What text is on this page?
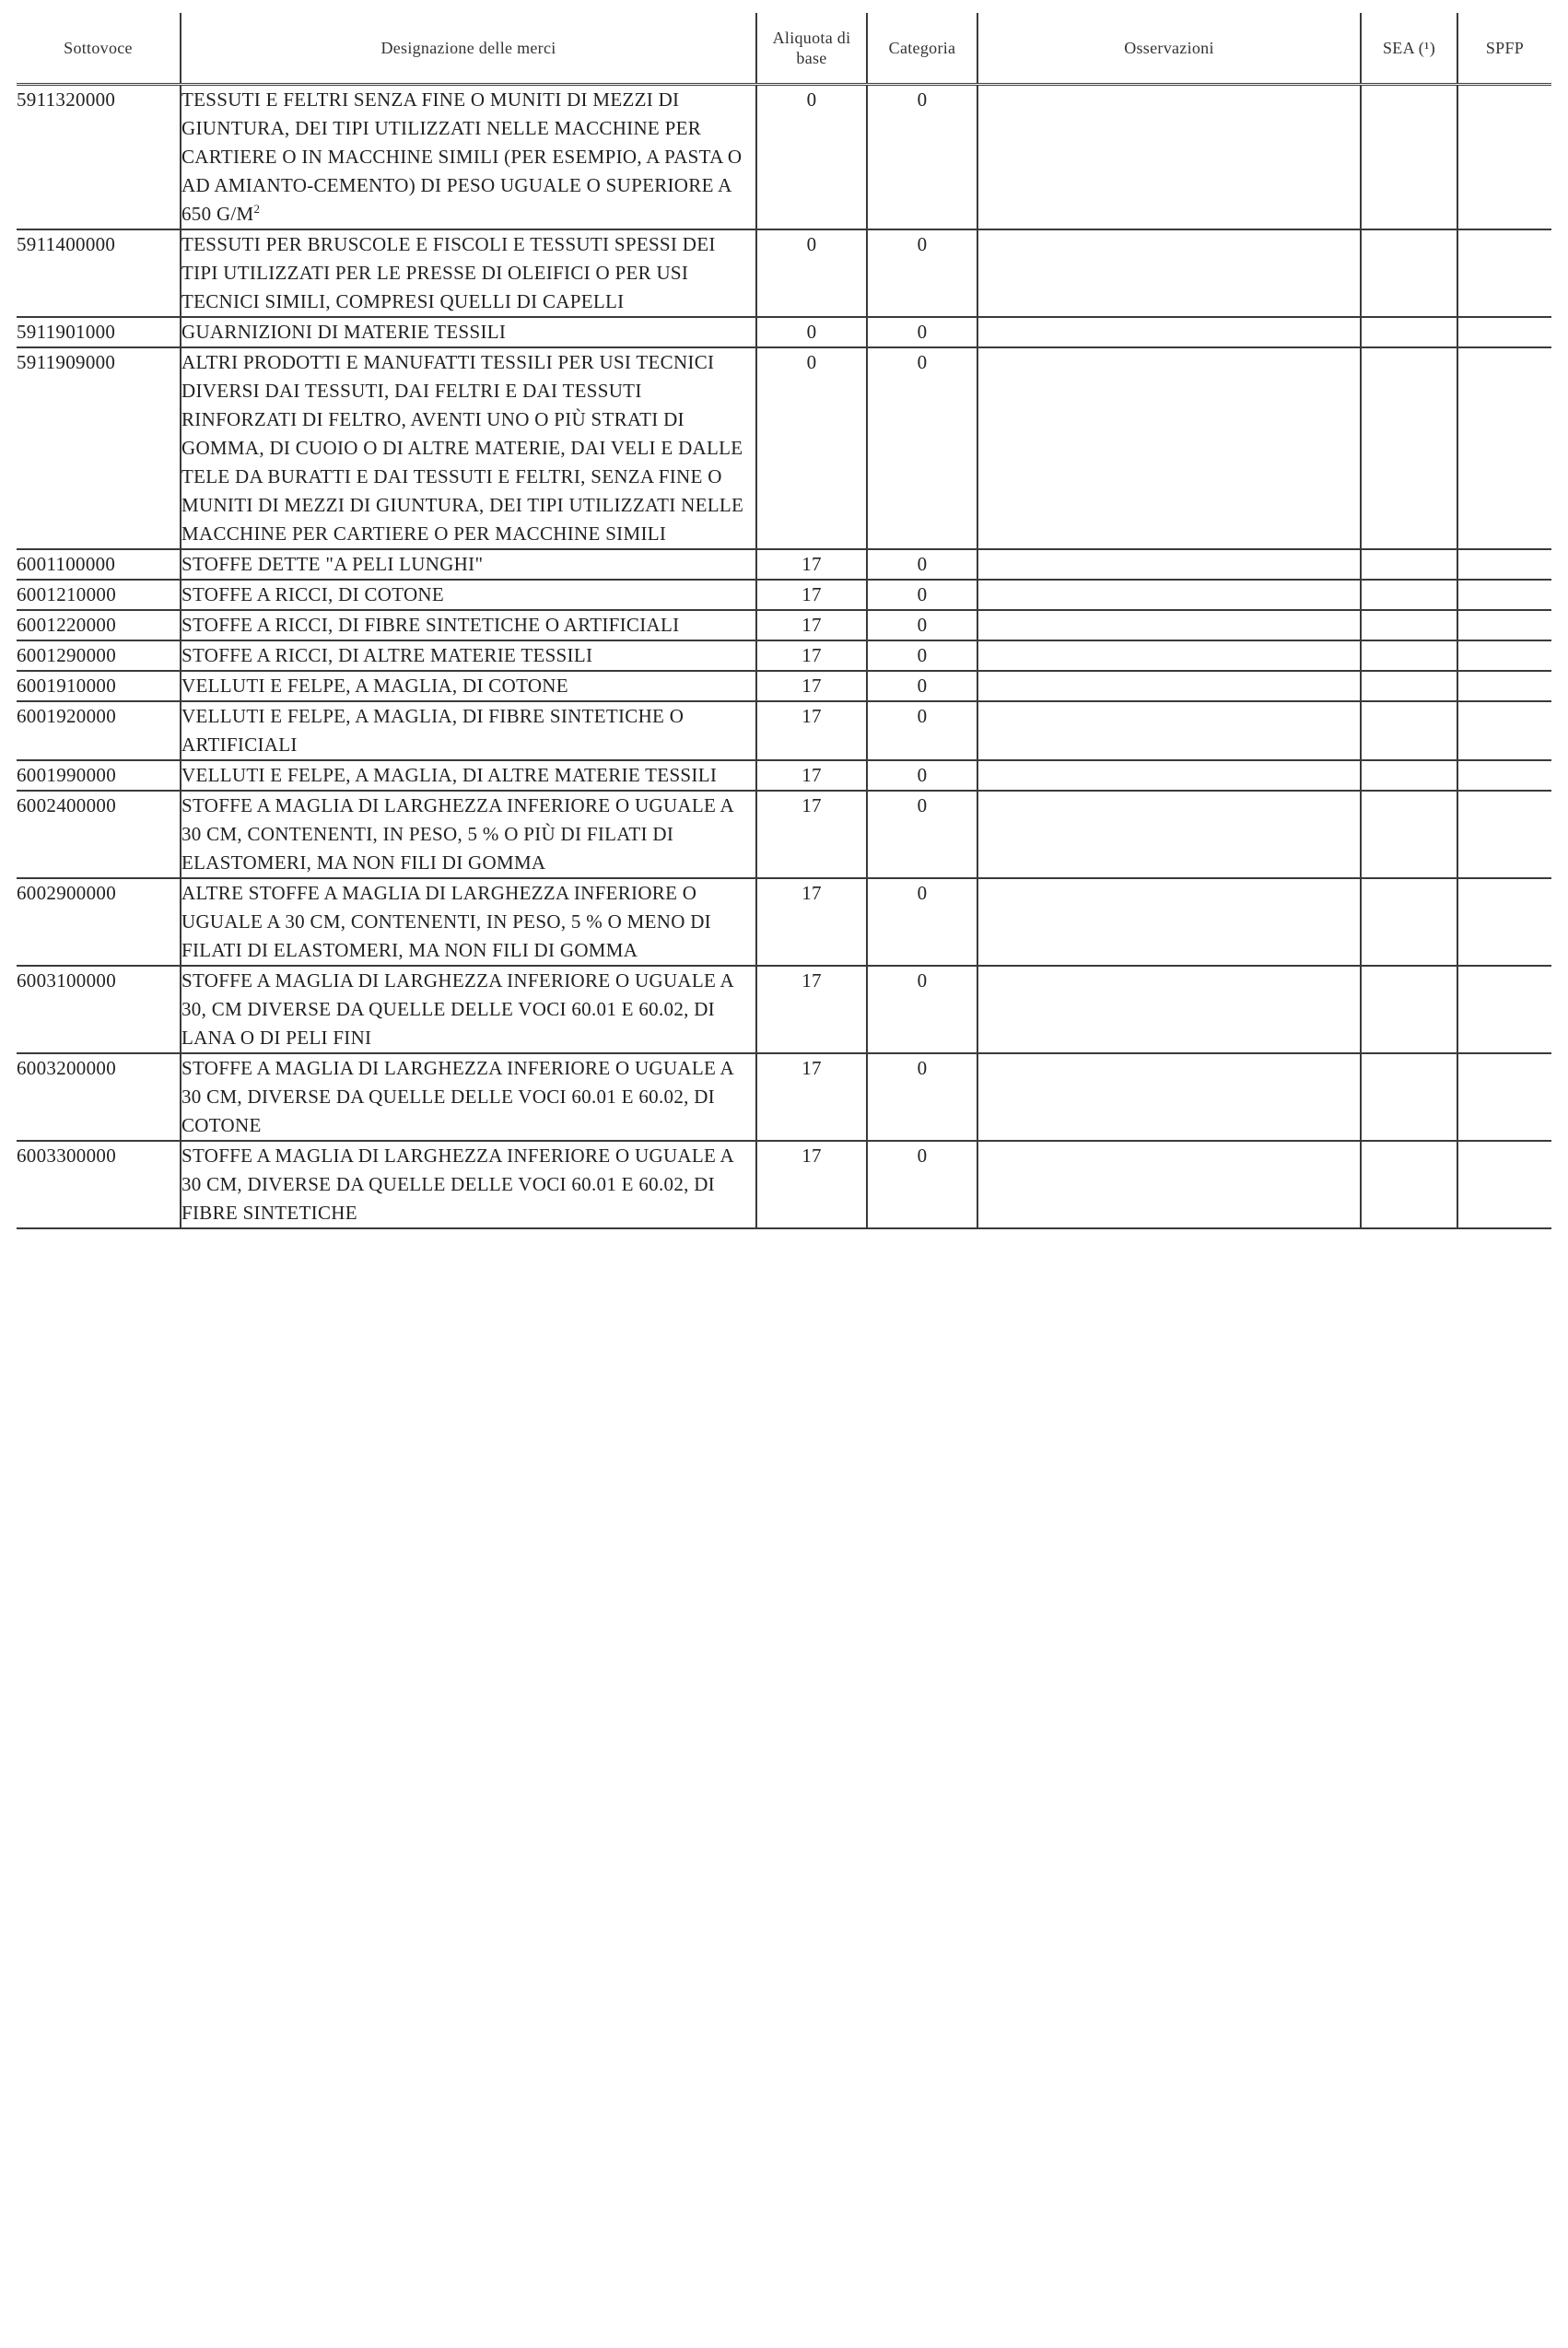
Sottovoce	Designazione delle merci	Aliquota di
base	Categoria	Osservazioni	SEA (¹)	SPFP
5911320000	TESSUTI E FELTRI SENZA FINE O MUNITI DI MEZZI DI GIUNTURA, DEI TIPI UTILIZZATI NELLE MACCHINE PER CARTIERE O IN MACCHINE SIMILI (PER ESEMPIO, A PASTA O AD AMIANTO-CEMENTO) DI PESO UGUALE O SUPERIORE A 650 $G/M^2$	0	0			
5911400000	TESSUTI PER BRUSCOLE E FISCOLI E TESSUTI SPESSI DEI TIPI UTILIZZATI PER LE PRESSE DI OLEIFICI O PER USI TECNICI SIMILI, COMPRESI QUELLI DI CAPELLI	0	0			
5911901000	GUARNIZIONI DI MATERIE TESSILI	0	0			
5911909000	ALTRI PRODOTTI E MANUFATTI TESSILI PER USI TECNICI DIVERSI DAI TESSUTI, DAI FELTRI E DAI TESSUTI RINFORZATI DI FELTRO, AVENTI UNO O PIÙ STRATI DI GOMMA, DI CUOIO O DI ALTRE MATERIE, DAI VELI E DALLE TELE DA BURATTI E DAI TESSUTI E FELTRI, SENZA FINE O MUNITI DI MEZZI DI GIUNTURA, DEI TIPI UTILIZZATI NELLE MACCHINE PER CARTIERE O PER MACCHINE SIMILI	0	0			
6001100000	STOFFE DETTE "A PELI LUNGHI"	17	0			
6001210000	STOFFE A RICCI, DI COTONE	17	0			
6001220000	STOFFE A RICCI, DI FIBRE SINTETICHE O ARTIFICIALI	17	0			
6001290000	STOFFE A RICCI, DI ALTRE MATERIE TESSILI	17	0			
6001910000	VELLUTI E FELPE, A MAGLIA, DI COTONE	17	0			
6001920000	VELLUTI E FELPE, A MAGLIA, DI FIBRE SINTETICHE O ARTIFICIALI	17	0			
6001990000	VELLUTI E FELPE, A MAGLIA, DI ALTRE MATERIE TESSILI	17	0			
6002400000	STOFFE A MAGLIA DI LARGHEZZA INFERIORE O UGUALE A 30 CM, CONTENENTI, IN PESO, 5 % O PIÙ DI FILATI DI ELASTOMERI, MA NON FILI DI GOMMA	17	0			
6002900000	ALTRE STOFFE A MAGLIA DI LARGHEZZA INFERIORE O UGUALE A 30 CM, CONTENENTI, IN PESO, 5 % O MENO DI FILATI DI ELASTOMERI, MA NON FILI DI GOMMA	17	0			
6003100000	STOFFE A MAGLIA DI LARGHEZZA INFERIORE O UGUALE A 30, CM DIVERSE DA QUELLE DELLE VOCI 60.01 E 60.02, DI LANA O DI PELI FINI	17	0			
6003200000	STOFFE A MAGLIA DI LARGHEZZA INFERIORE O UGUALE A 30 CM, DIVERSE DA QUELLE DELLE VOCI 60.01 E 60.02, DI COTONE	17	0			
6003300000	STOFFE A MAGLIA DI LARGHEZZA INFERIORE O UGUALE A 30 CM, DIVERSE DA QUELLE DELLE VOCI 60.01 E 60.02, DI FIBRE SINTETICHE	17	0			
